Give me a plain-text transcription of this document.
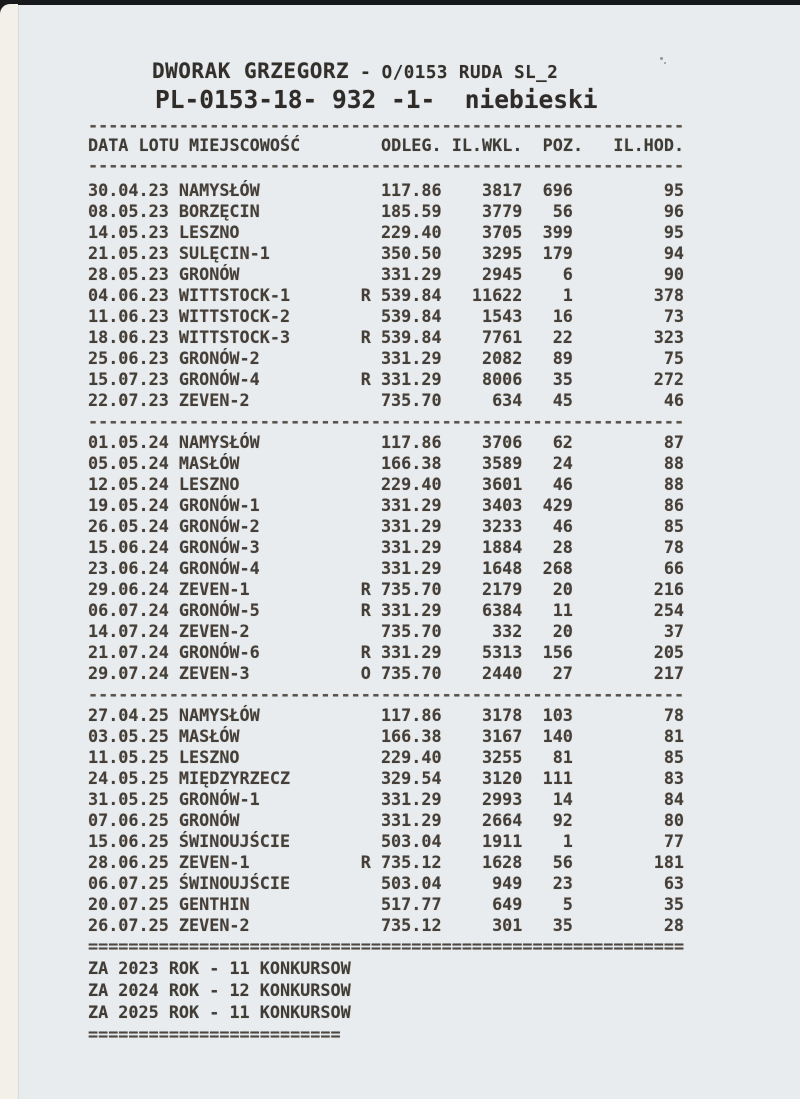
DWORAK GRZEGORZ - O/0153 RUDA SL_2
PL-0153-18- 932 -1-  niebieski
-----------------------------------------------------------
DATA LOTU MIEJSCOWOŚĆ        ODLEG. IL.WKL.  POZ.   IL.HOD.
-----------------------------------------------------------
30.04.23 NAMYSŁÓW	117.86	3817	696	95
08.05.23 BORZĘCIN	185.59	3779	56	96
14.05.23 LESZNO	229.40	3705	399	95
21.05.23 SULĘCIN-1	350.50	3295	179	94
28.05.23 GRONÓW	331.29	2945	6	90
04.06.23 WITTSTOCK-1	R 539.84	11622	1	378
11.06.23 WITTSTOCK-2	539.84	1543	16	73
18.06.23 WITTSTOCK-3	R 539.84	7761	22	323
25.06.23 GRONÓW-2	331.29	2082	89	75
15.07.23 GRONÓW-4	R 331.29	8006	35	272
22.07.23 ZEVEN-2	735.70	634	45	46
-----------------------------------------------------------
01.05.24 NAMYSŁÓW	117.86	3706	62	87
05.05.24 MASŁÓW	166.38	3589	24	88
12.05.24 LESZNO	229.40	3601	46	88
19.05.24 GRONÓW-1	331.29	3403	429	86
26.05.24 GRONÓW-2	331.29	3233	46	85
15.06.24 GRONÓW-3	331.29	1884	28	78
23.06.24 GRONÓW-4	331.29	1648	268	66
29.06.24 ZEVEN-1	R 735.70	2179	20	216
06.07.24 GRONÓW-5	R 331.29	6384	11	254
14.07.24 ZEVEN-2	735.70	332	20	37
21.07.24 GRONÓW-6	R 331.29	5313	156	205
29.07.24 ZEVEN-3	O 735.70	2440	27	217
-----------------------------------------------------------
27.04.25 NAMYSŁÓW	117.86	3178	103	78
03.05.25 MASŁÓW	166.38	3167	140	81
11.05.25 LESZNO	229.40	3255	81	85
24.05.25 MIĘDZYRZECZ	329.54	3120	111	83
31.05.25 GRONÓW-1	331.29	2993	14	84
07.06.25 GRONÓW	331.29	2664	92	80
15.06.25 ŚWINOUJŚCIE	503.04	1911	1	77
28.06.25 ZEVEN-1	R 735.12	1628	56	181
06.07.25 ŚWINOUJŚCIE	503.04	949	23	63
20.07.25 GENTHIN	517.77	649	5	35
26.07.25 ZEVEN-2	735.12	301	35	28
===========================================================
ZA 2023 ROK - 11 KONKURSOW
ZA 2024 ROK - 12 KONKURSOW
ZA 2025 ROK - 11 KONKURSOW
=========================
